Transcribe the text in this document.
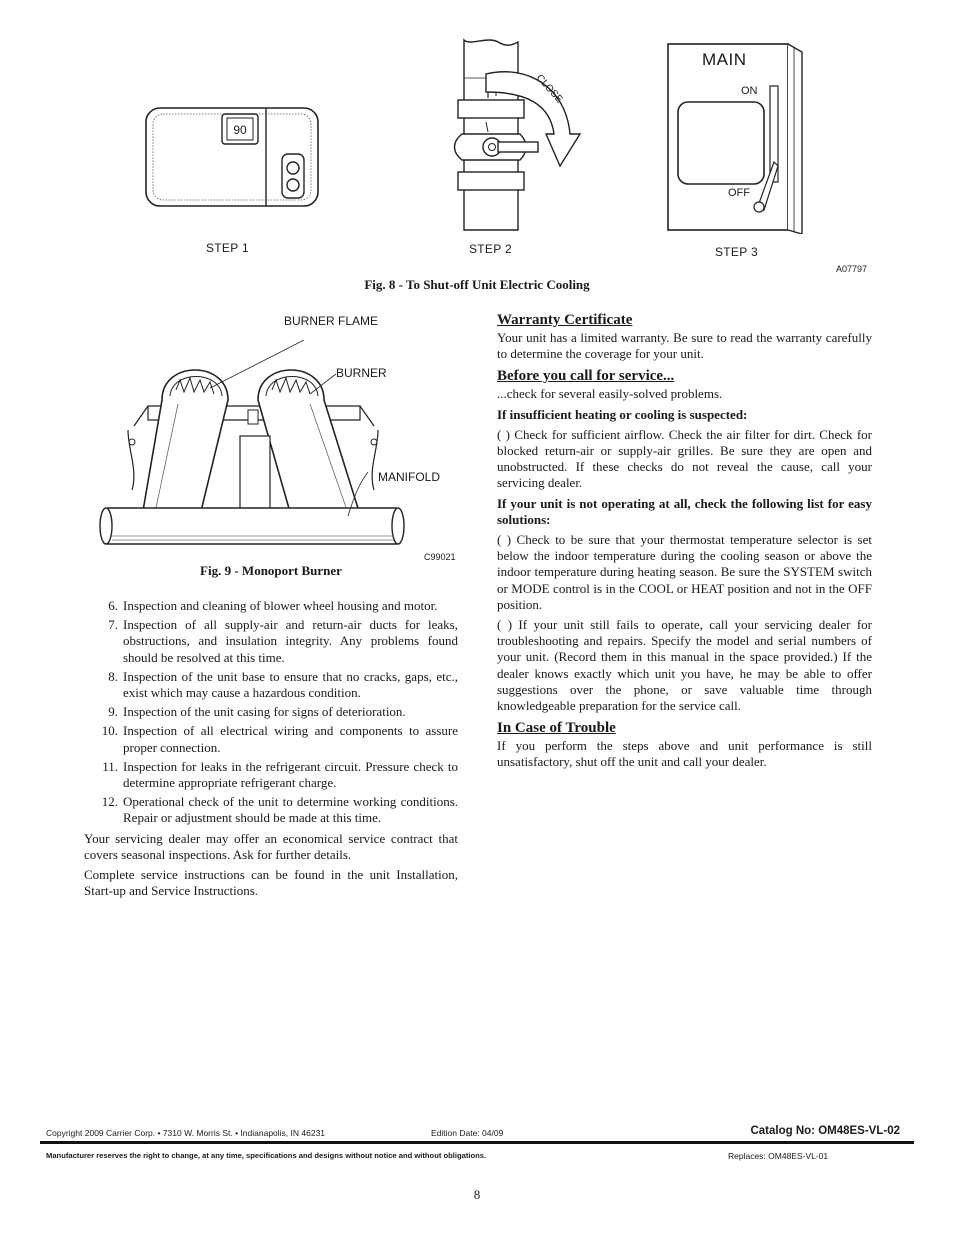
90
STEP 1
CLOSE
STEP 2
MAIN
ON
OFF
STEP 3
A07797
Fig. 8 - To Shut-off Unit Electric Cooling
BURNER FLAME
BURNER
MANIFOLD
C99021
Fig. 9 - Monoport Burner
6. Inspection and cleaning of blower wheel housing and motor.
7. Inspection of all supply-air and return-air ducts for leaks, obstructions, and insulation integrity. Any problems found should be resolved at this time.
8. Inspection of the unit base to ensure that no cracks, gaps, etc., exist which may cause a hazardous condition.
9. Inspection of the unit casing for signs of deterioration.
10. Inspection of all electrical wiring and components to assure proper connection.
11. Inspection for leaks in the refrigerant circuit. Pressure check to determine appropriate refrigerant charge.
12. Operational check of the unit to determine working conditions. Repair or adjustment should be made at this time.

Your servicing dealer may offer an economical service contract that covers seasonal inspections. Ask for further details.

Complete service instructions can be found in the unit Installation, Start-up and Service Instructions.

Warranty Certificate

Your unit has a limited warranty. Be sure to read the warranty carefully to determine the coverage for your unit.

Before you call for service...

...check for several easily-solved problems.

If insufficient heating or cooling is suspected:

( ) Check for sufficient airflow. Check the air filter for dirt. Check for blocked return-air or supply-air grilles. Be sure they are open and unobstructed. If these checks do not reveal the cause, call your servicing dealer.

If your unit is not operating at all, check the following list for easy solutions:

( ) Check to be sure that your thermostat temperature selector is set below the indoor temperature during the cooling season or above the indoor temperature during heating season. Be sure the SYSTEM switch or MODE control is in the COOL or HEAT position and not in the OFF position.

( ) If your unit still fails to operate, call your servicing dealer for troubleshooting and repairs. Specify the model and serial numbers of your unit. (Record them in this manual in the space provided.) If the dealer knows exactly which unit you have, he may be able to offer suggestions over the phone, or save valuable time through knowledgeable preparation for the service call.

In Case of Trouble

If you perform the steps above and unit performance is still unsatisfactory, shut off the unit and call your dealer.

Copyright 2009 Carrier Corp. • 7310 W. Morris St. • Indianapolis, IN 46231	Edition Date: 04/09	Catalog No: OM48ES-VL-02
Manufacturer reserves the right to change, at any time, specifications and designs without notice and without obligations.	Replaces: OM48ES-VL-01
8
